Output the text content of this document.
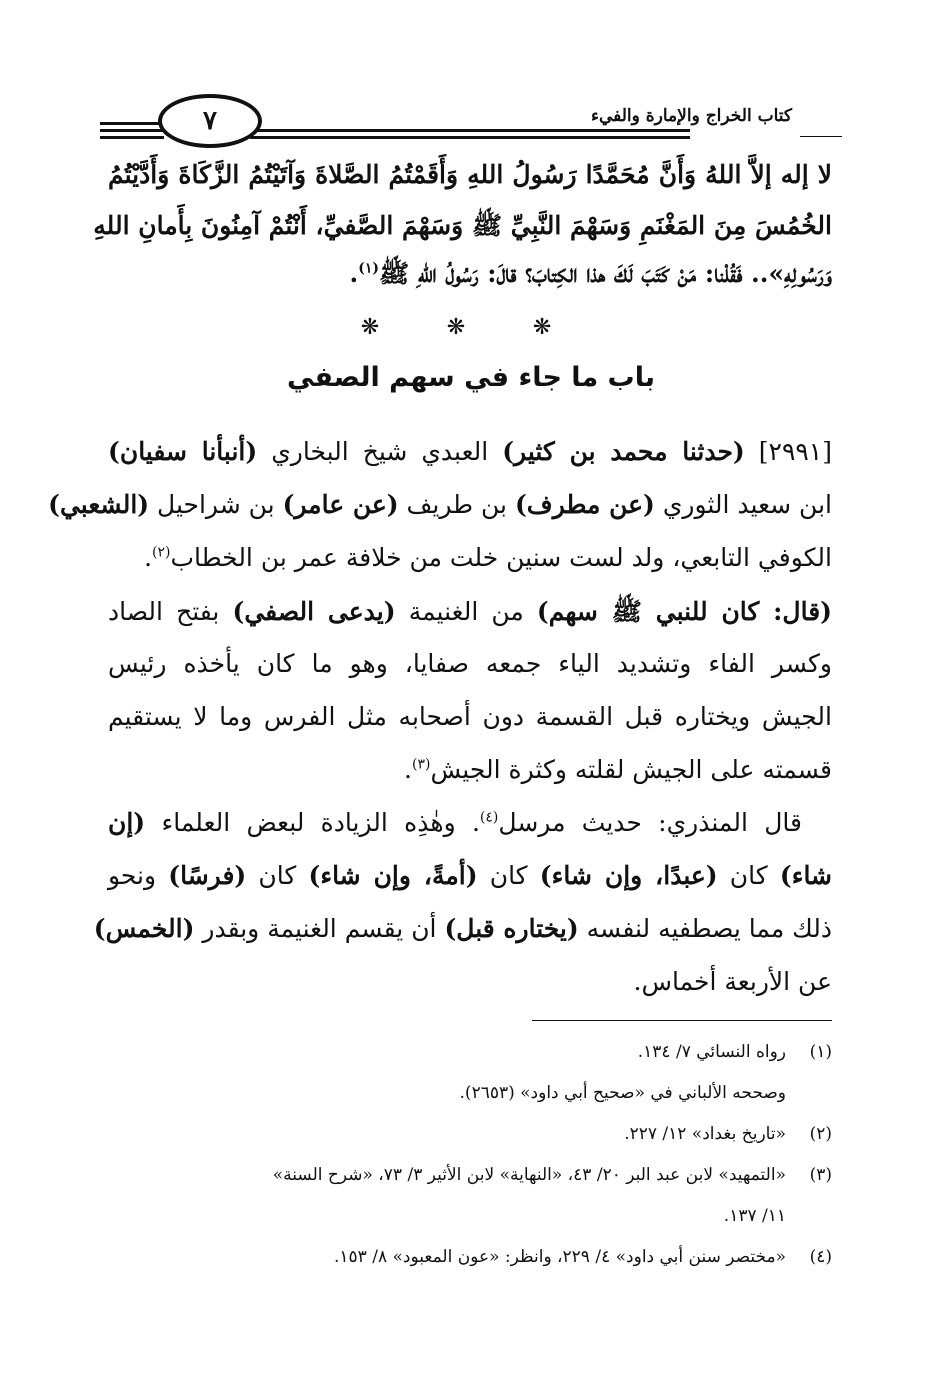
كتاب الخراج والإمارة والفيء
٧
لا إله إلاَّ اللهُ وَأَنَّ مُحَمَّدًا رَسُولُ اللهِ وَأَقَمْتُمُ الصَّلاةَ وَآتَيْتُمُ الزَّكَاةَ وَأَدَّيْتُمُ
الخُمُسَ مِنَ المَغْنَمِ وَسَهْمَ النَّبِيِّ ﷺ وَسَهْمَ الصَّفيِّ، أَنْتُمْ آمِنُونَ بِأَمانِ اللهِ
وَرَسُولِهِ».. فَقُلْنا: مَنْ كَتَبَ لَكَ هذا الكِتابَ؟ قالَ: رَسُولُ اللهِ ﷺ$^{(١)}$.
❋ ❋ ❋
باب ما جاء في سهم الصفي
[٢٩٩١] (حدثنا محمد بن كثير) العبدي شيخ البخاري (أنبأنا سفيان)
ابن سعيد الثوري (عن مطرف) بن طريف (عن عامر) بن شراحيل (الشعبي)
الكوفي التابعي، ولد لست سنين خلت من خلافة عمر بن الخطاب$^{(٢)}$.
(قال: كان للنبي ﷺ سهم) من الغنيمة (يدعى الصفي) بفتح الصاد
وكسر الفاء وتشديد الياء جمعه صفايا، وهو ما كان يأخذه رئيس
الجيش ويختاره قبل القسمة دون أصحابه مثل الفرس وما لا يستقيم
قسمته على الجيش لقلته وكثرة الجيش$^{(٣)}$.
قال المنذري: حديث مرسل$^{(٤)}$. وهٰذِه الزيادة لبعض العلماء (إن
شاء) كان (عبدًا، وإن شاء) كان (أمةً، وإن شاء) كان (فرسًا) ونحو
ذلك مما يصطفيه لنفسه (يختاره قبل) أن يقسم الغنيمة وبقدر (الخمس)
عن الأربعة أخماس.
(١)رواه النسائي ٧/ ١٣٤.
وصححه الألباني في «صحيح أبي داود» (٢٦٥٣).
(٢)«تاريخ بغداد» ١٢/ ٢٢٧.
(٣)«التمهيد» لابن عبد البر ٢٠/ ٤٣، «النهاية» لابن الأثير ٣/ ٧٣، «شرح السنة»
١١/ ١٣٧.
(٤)«مختصر سنن أبي داود» ٤/ ٢٢٩، وانظر: «عون المعبود» ٨/ ١٥٣.
